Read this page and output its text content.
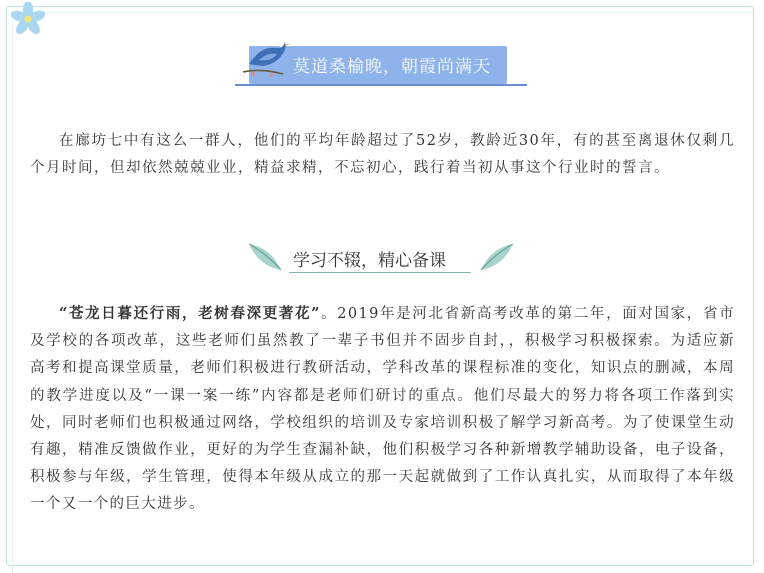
莫道桑榆晚，朝霞尚满天

在廊坊七中有这么一群人，他们的平均年龄超过了52岁，教龄近30年，有的甚至离退休仅剩几个月时间，但却依然兢兢业业，精益求精，不忘初心，践行着当初从事这个行业时的誓言。

学习不辍，精心备课

“苍龙日暮还行雨，老树春深更著花”。2019年是河北省新高考改革的第二年，面对国家，省市及学校的各项改革，这些老师们虽然教了一辈子书但并不固步自封，，积极学习积极探索。为适应新高考和提高课堂质量，老师们积极进行教研活动，学科改革的课程标准的变化，知识点的删减，本周的教学进度以及“一课一案一练”内容都是老师们研讨的重点。他们尽最大的努力将各项工作落到实处，同时老师们也积极通过网络，学校组织的培训及专家培训积极了解学习新高考。为了使课堂生动有趣，精准反馈做作业，更好的为学生查漏补缺，他们积极学习各种新增教学辅助设备，电子设备，积极参与年级，学生管理，使得本年级从成立的那一天起就做到了工作认真扎实，从而取得了本年级一个又一个的巨大进步。
